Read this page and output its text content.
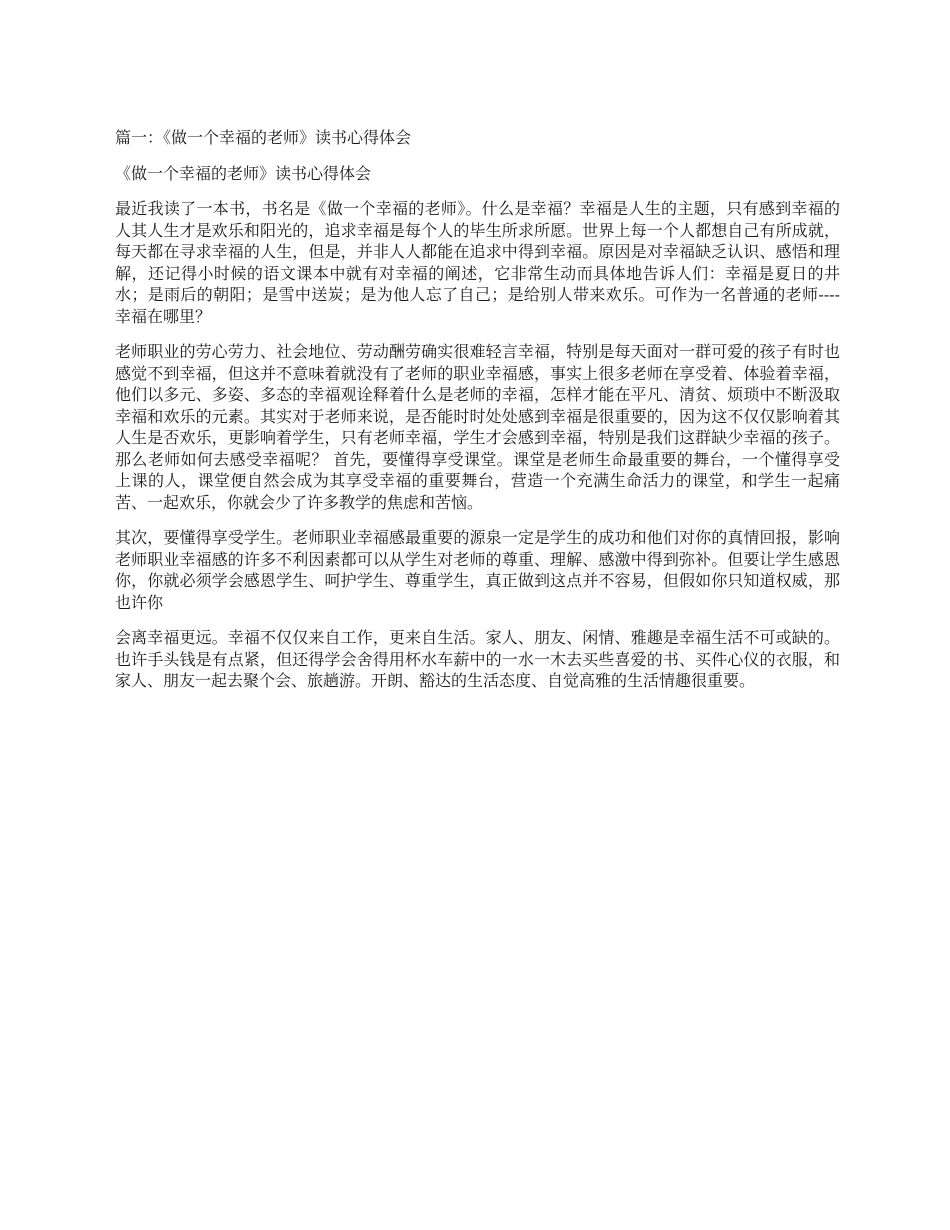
篇一：《做一个幸福的老师》读书心得体会
《做一个幸福的老师》读书心得体会

最近我读了一本书，书名是《做一个幸福的老师》。什么是幸福？幸福是人生的主题，只有感到幸福的人其人生才是欢乐和阳光的，追求幸福是每个人的毕生所求所愿。世界上每一个人都想自己有所成就，每天都在寻求幸福的人生，但是，并非人人都能在追求中得到幸福。原因是对幸福缺乏认识、感悟和理解，还记得小时候的语文课本中就有对幸福的阐述，它非常生动而具体地告诉人们：幸福是夏日的井水；是雨后的朝阳；是雪中送炭；是为他人忘了自己；是给别人带来欢乐。可作为一名普通的老师----幸福在哪里？

老师职业的劳心劳力、社会地位、劳动酬劳确实很难轻言幸福，特别是每天面对一群可爱的孩子有时也感觉不到幸福，但这并不意味着就没有了老师的职业幸福感，事实上很多老师在享受着、体验着幸福，他们以多元、多姿、多态的幸福观诠释着什么是老师的幸福，怎样才能在平凡、清贫、烦琐中不断汲取幸福和欢乐的元素。其实对于老师来说，是否能时时处处感到幸福是很重要的，因为这不仅仅影响着其人生是否欢乐，更影响着学生，只有老师幸福，学生才会感到幸福，特别是我们这群缺少幸福的孩子。那么老师如何去感受幸福呢？ 首先，要懂得享受课堂。课堂是老师生命最重要的舞台，一个懂得享受上课的人，课堂便自然会成为其享受幸福的重要舞台，营造一个充满生命活力的课堂，和学生一起痛苦、一起欢乐，你就会少了许多教学的焦虑和苦恼。

其次，要懂得享受学生。老师职业幸福感最重要的源泉一定是学生的成功和他们对你的真情回报，影响老师职业幸福感的许多不利因素都可以从学生对老师的尊重、理解、感激中得到弥补。但要让学生感恩你，你就必须学会感恩学生、呵护学生、尊重学生，真正做到这点并不容易，但假如你只知道权威，那也许你

会离幸福更远。幸福不仅仅来自工作，更来自生活。家人、朋友、闲情、雅趣是幸福生活不可或缺的。也许手头钱是有点紧，但还得学会舍得用杯水车薪中的一水一木去买些喜爱的书、买件心仪的衣服，和家人、朋友一起去聚个会、旅趟游。开朗、豁达的生活态度、自觉高雅的生活情趣很重要。
